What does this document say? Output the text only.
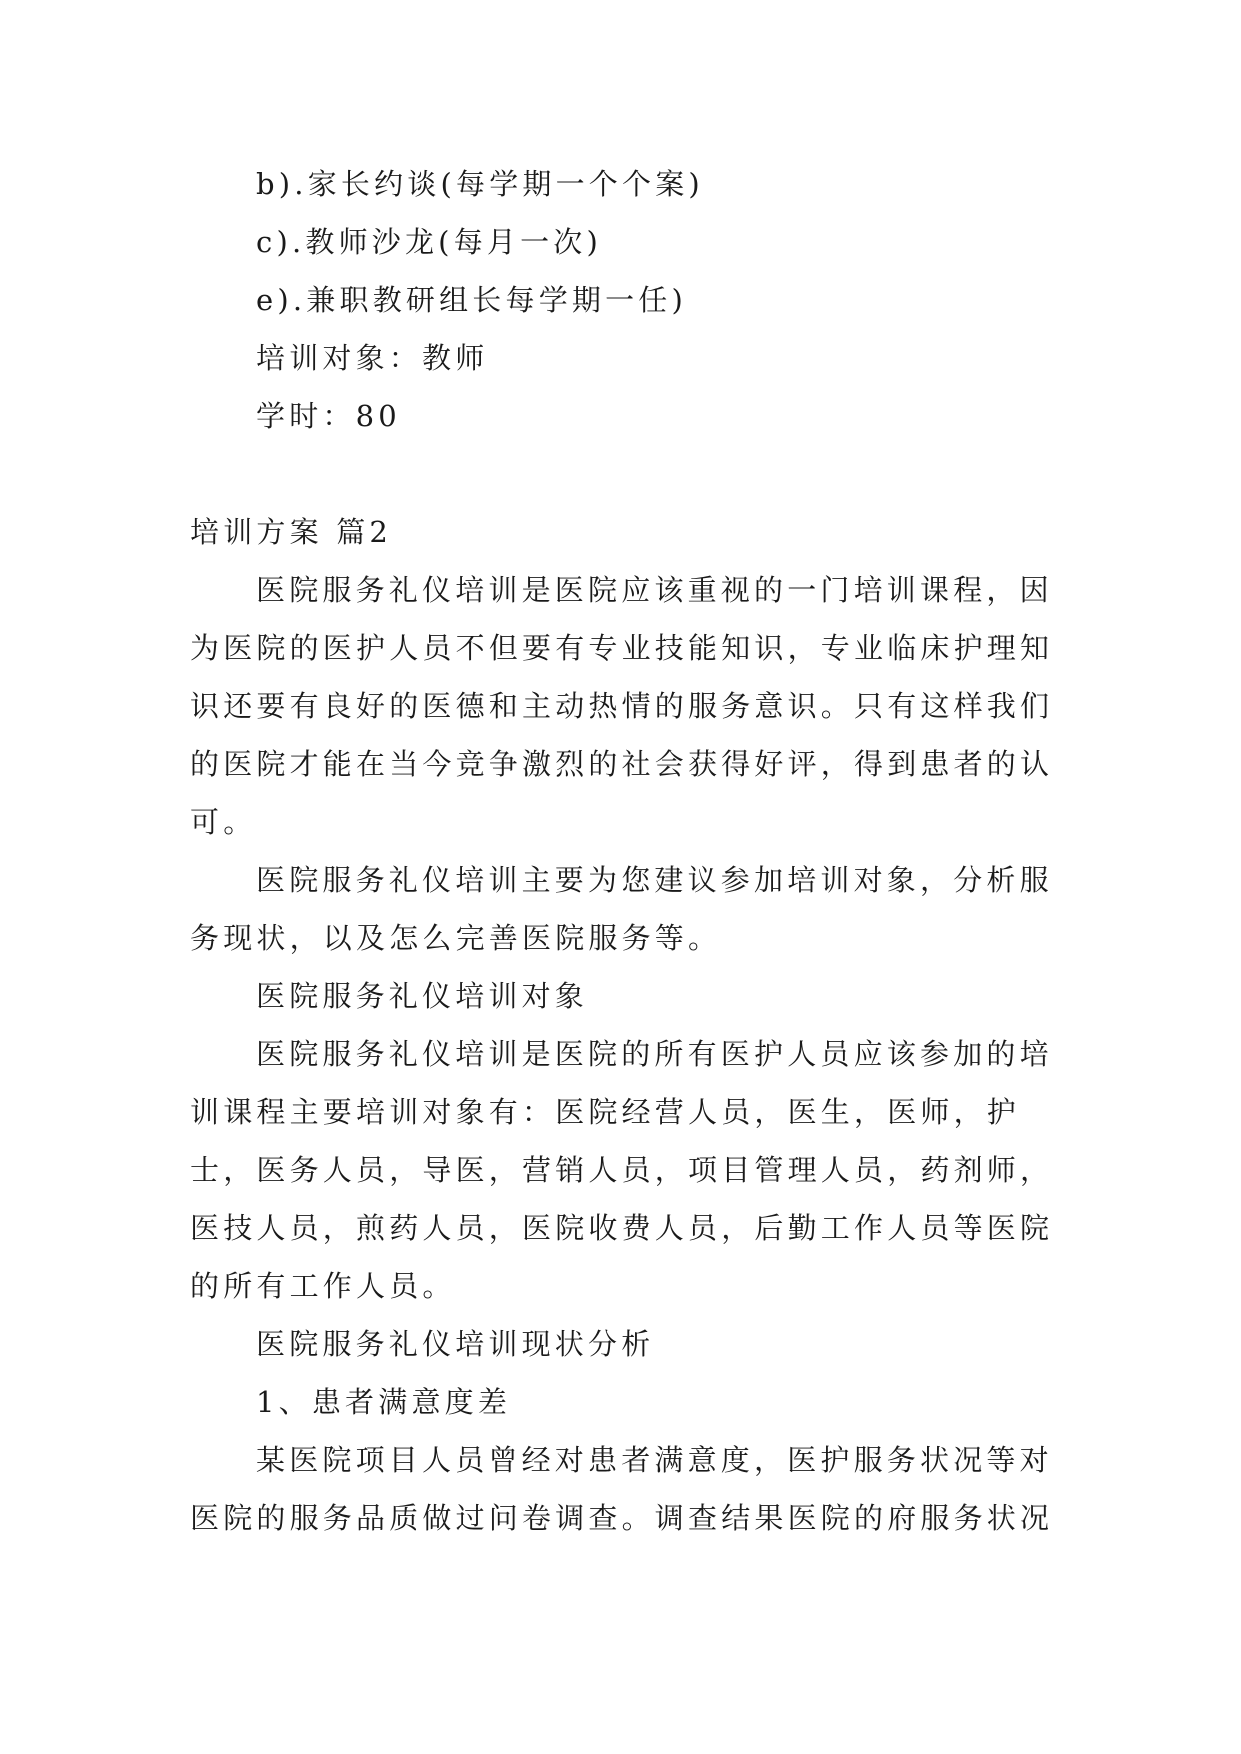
b).家长约谈(每学期一个个案)

c).教师沙龙(每月一次)

e).兼职教研组长每学期一任)

培训对象：教师

学时：80

培训方案 篇2

医院服务礼仪培训是医院应该重视的一门培训课程，因为医院的医护人员不但要有专业技能知识，专业临床护理知识还要有良好的医德和主动热情的服务意识。只有这样我们的医院才能在当今竞争激烈的社会获得好评，得到患者的认可。

医院服务礼仪培训主要为您建议参加培训对象，分析服务现状，以及怎么完善医院服务等。

医院服务礼仪培训对象

医院服务礼仪培训是医院的所有医护人员应该参加的培训课程主要培训对象有：医院经营人员，医生，医师，护士，医务人员，导医，营销人员，项目管理人员，药剂师，医技人员，煎药人员，医院收费人员，后勤工作人员等医院的所有工作人员。

医院服务礼仪培训现状分析

1、患者满意度差

某医院项目人员曾经对患者满意度，医护服务状况等对医院的服务品质做过问卷调查。调查结果医院的府服务状况
